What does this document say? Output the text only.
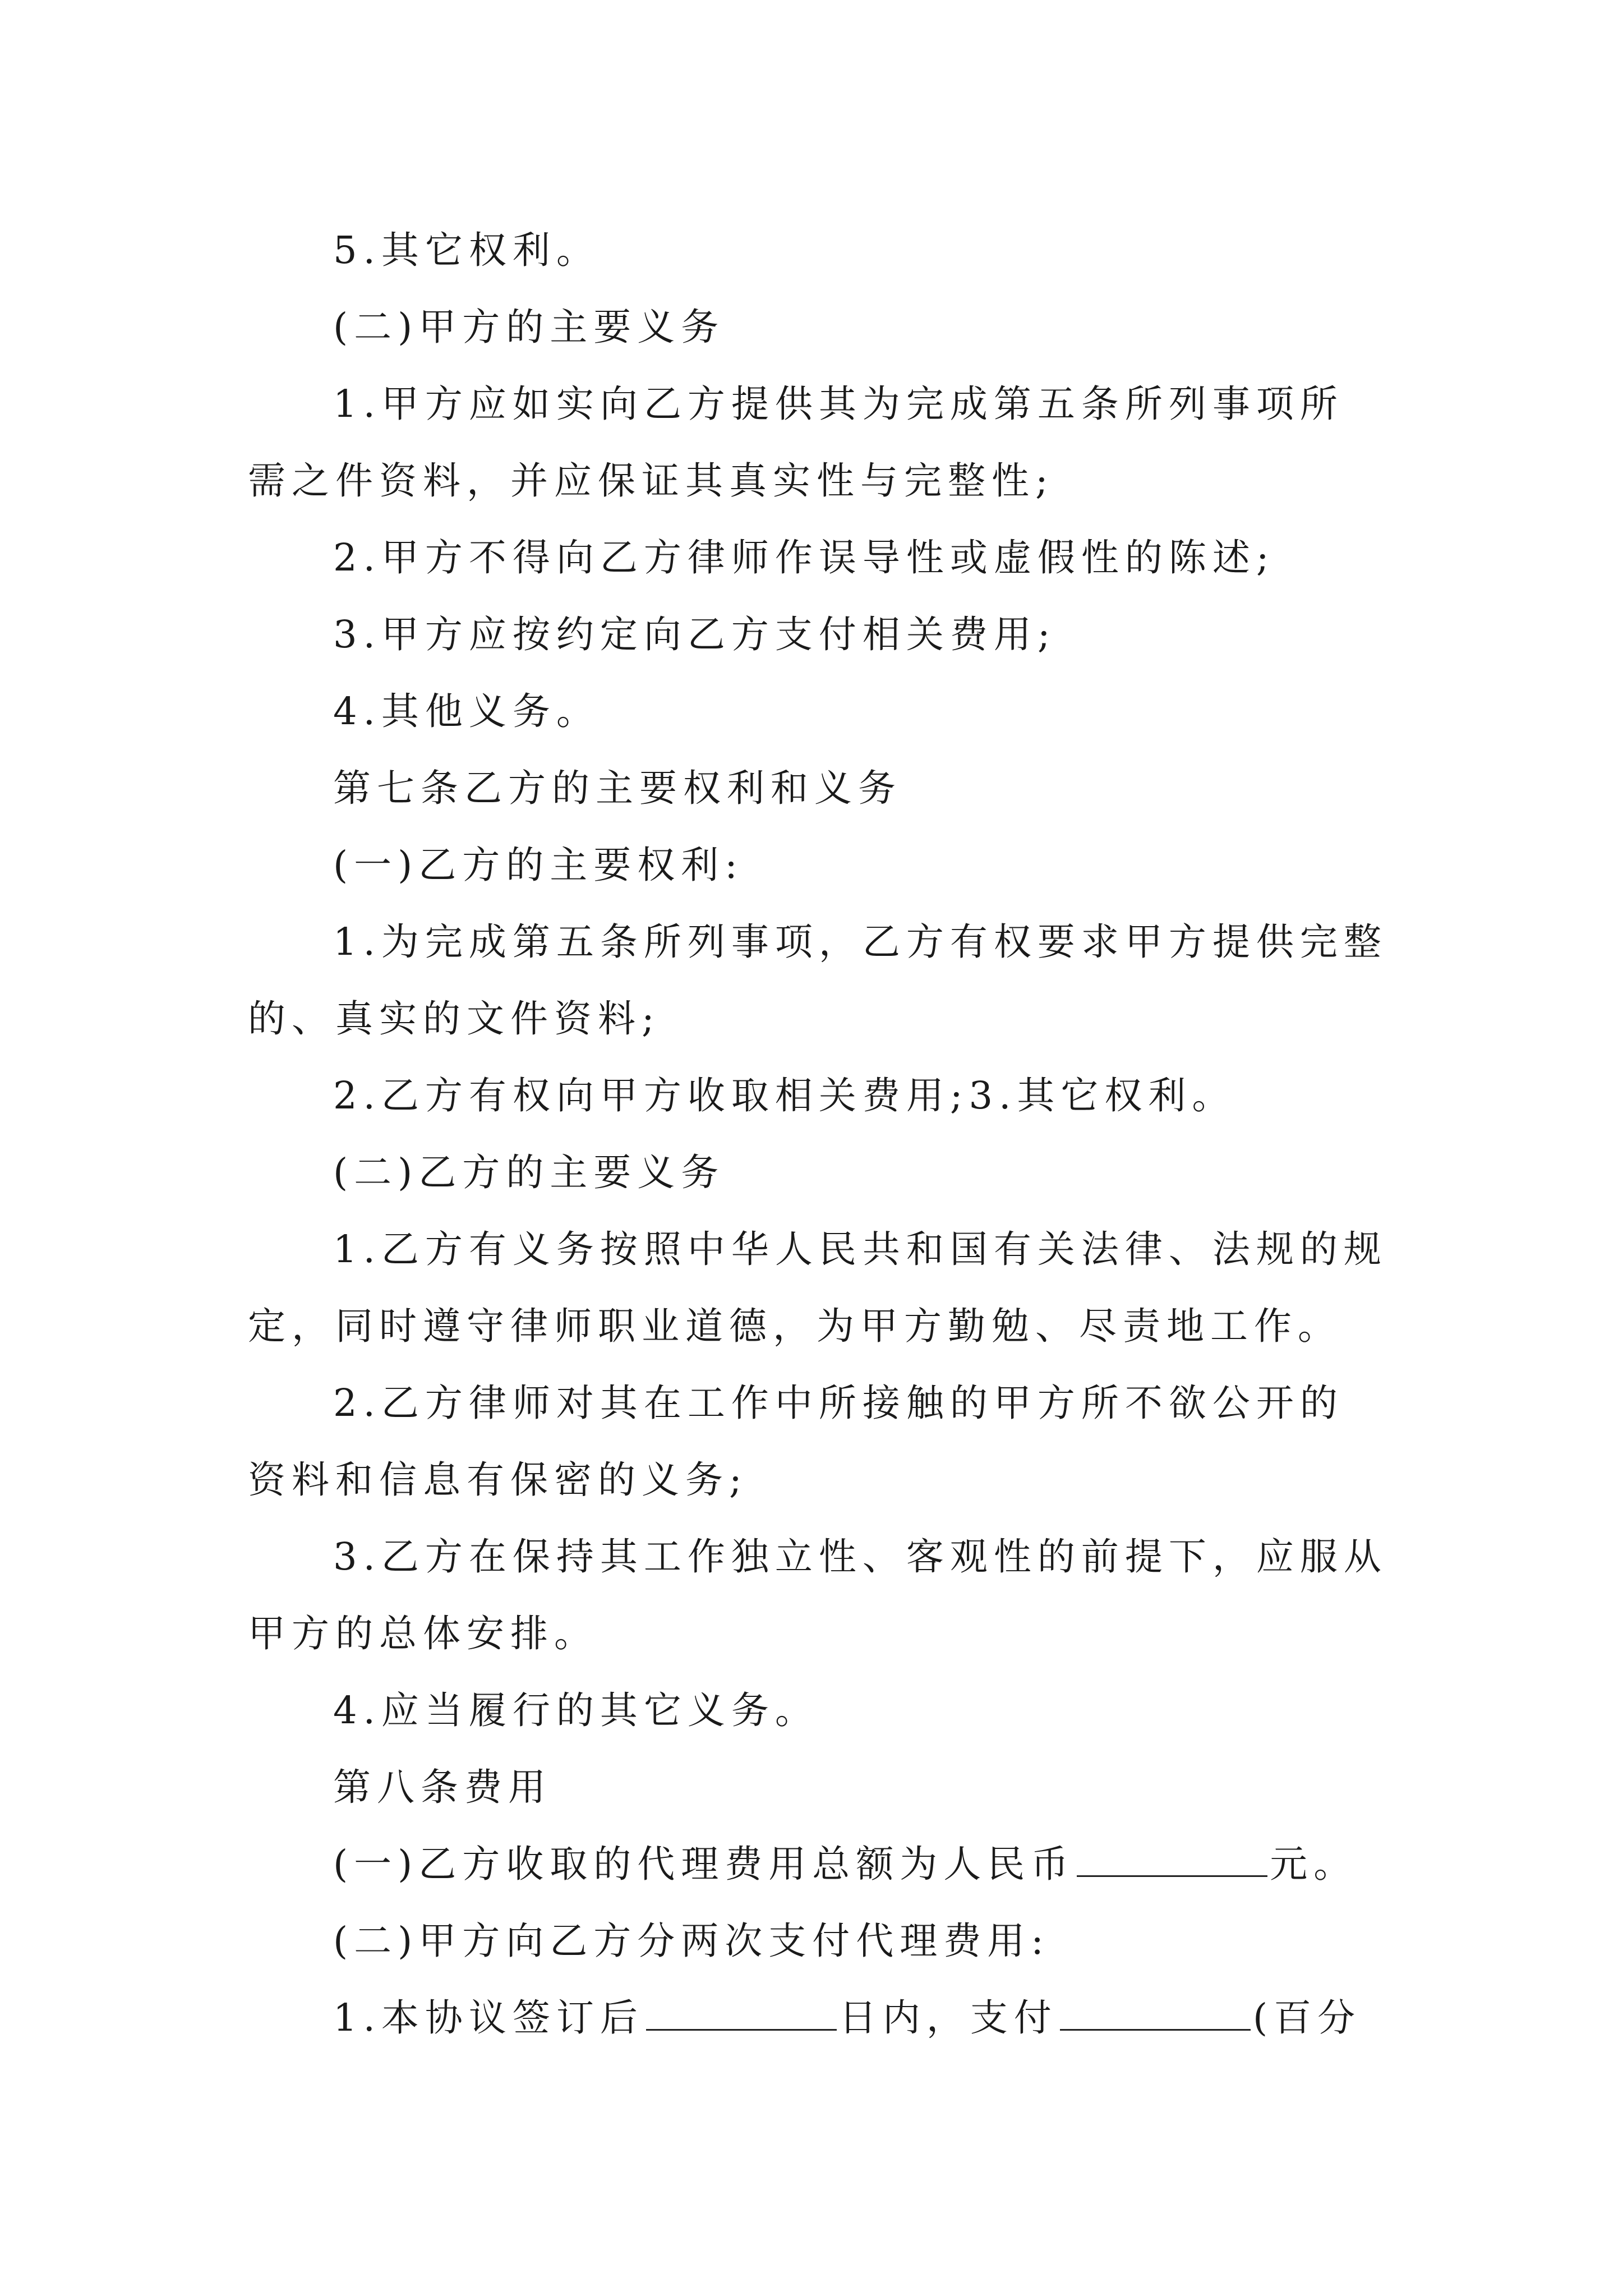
5.其它权利。

(二)甲方的主要义务

1.甲方应如实向乙方提供其为完成第五条所列事项所

需之件资料，并应保证其真实性与完整性;

2.甲方不得向乙方律师作误导性或虚假性的陈述;

3.甲方应按约定向乙方支付相关费用;

4.其他义务。

第七条乙方的主要权利和义务

(一)乙方的主要权利:

1.为完成第五条所列事项，乙方有权要求甲方提供完整

的、真实的文件资料;

2.乙方有权向甲方收取相关费用;3.其它权利。

(二)乙方的主要义务

1.乙方有义务按照中华人民共和国有关法律、法规的规

定，同时遵守律师职业道德，为甲方勤勉、尽责地工作。

2.乙方律师对其在工作中所接触的甲方所不欲公开的

资料和信息有保密的义务;

3.乙方在保持其工作独立性、客观性的前提下，应服从

甲方的总体安排。

4.应当履行的其它义务。

第八条费用

(一)乙方收取的代理费用总额为人民币	元。

(二)甲方向乙方分两次支付代理费用:

1.本协议签订后	日内，支付	(百分
